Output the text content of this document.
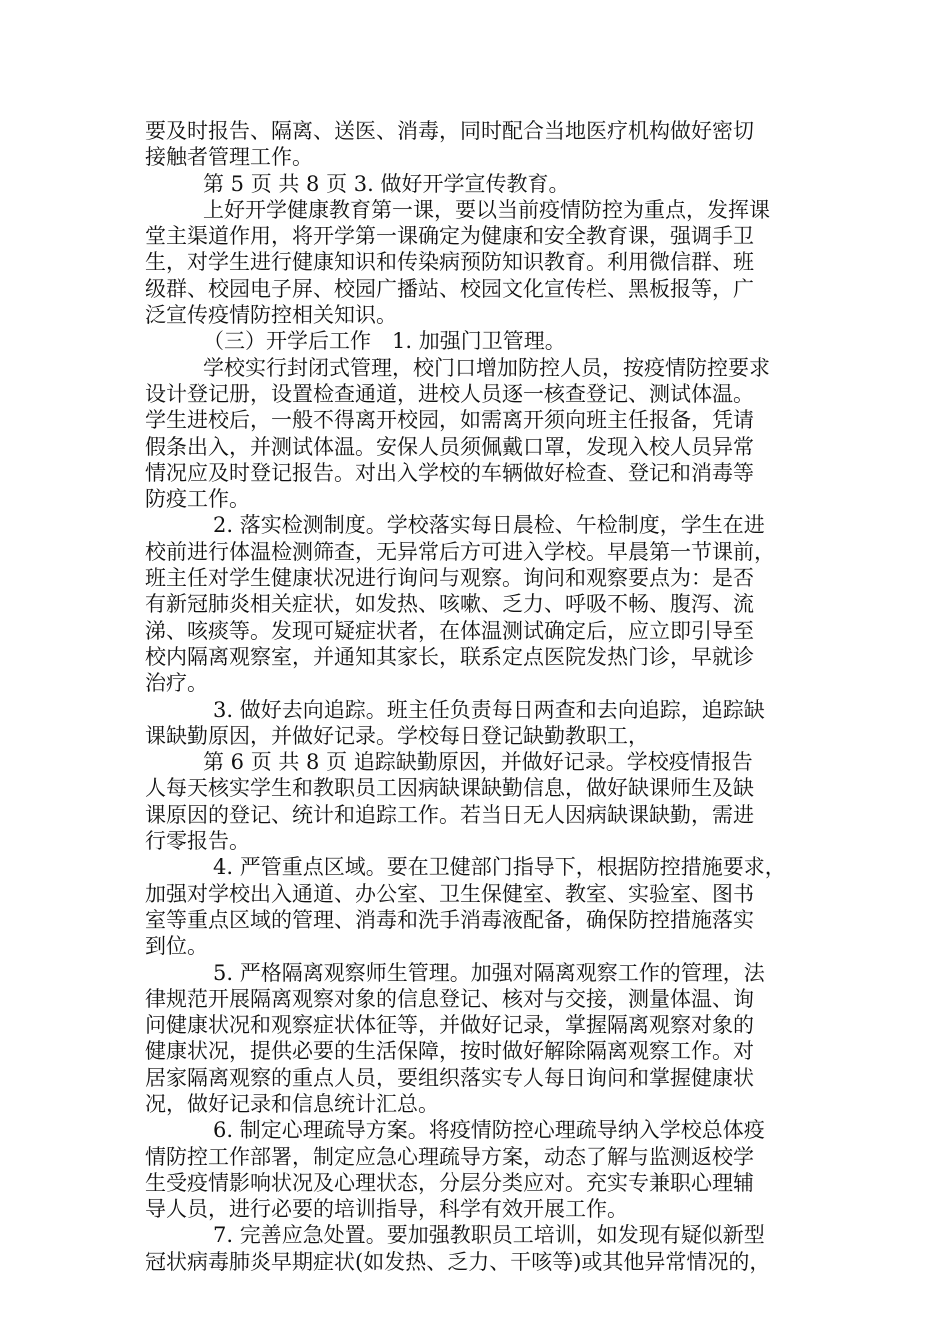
要及时报告、隔离、送医、消毒，同时配合当地医疗机构做好密切
接触者管理工作。
第 5 页 共 8 页 3. 做好开学宣传教育。
上好开学健康教育第一课，要以当前疫情防控为重点，发挥课
堂主渠道作用，将开学第一课确定为健康和安全教育课，强调手卫
生，对学生进行健康知识和传染病预防知识教育。利用微信群、班
级群、校园电子屏、校园广播站、校园文化宣传栏、黑板报等，广
泛宣传疫情防控相关知识。
（三）开学后工作　1. 加强门卫管理。
学校实行封闭式管理，校门口增加防控人员，按疫情防控要求
设计登记册，设置检查通道，进校人员逐一核查登记、测试体温。
学生进校后，一般不得离开校园，如需离开须向班主任报备，凭请
假条出入，并测试体温。安保人员须佩戴口罩，发现入校人员异常
情况应及时登记报告。对出入学校的车辆做好检查、登记和消毒等
防疫工作。
2. 落实检测制度。学校落实每日晨检、午检制度，学生在进
校前进行体温检测筛查，无异常后方可进入学校。早晨第一节课前，
班主任对学生健康状况进行询问与观察。询问和观察要点为：是否
有新冠肺炎相关症状，如发热、咳嗽、乏力、呼吸不畅、腹泻、流
涕、咳痰等。发现可疑症状者，在体温测试确定后，应立即引导至
校内隔离观察室，并通知其家长，联系定点医院发热门诊，早就诊
治疗。
3. 做好去向追踪。班主任负责每日两查和去向追踪，追踪缺
课缺勤原因，并做好记录。学校每日登记缺勤教职工，
第 6 页 共 8 页 追踪缺勤原因，并做好记录。学校疫情报告
人每天核实学生和教职员工因病缺课缺勤信息，做好缺课师生及缺
课原因的登记、统计和追踪工作。若当日无人因病缺课缺勤，需进
行零报告。
4. 严管重点区域。要在卫健部门指导下，根据防控措施要求，
加强对学校出入通道、办公室、卫生保健室、教室、实验室、图书
室等重点区域的管理、消毒和洗手消毒液配备，确保防控措施落实
到位。
5. 严格隔离观察师生管理。加强对隔离观察工作的管理，法
律规范开展隔离观察对象的信息登记、核对与交接，测量体温、询
问健康状况和观察症状体征等，并做好记录，掌握隔离观察对象的
健康状况，提供必要的生活保障，按时做好解除隔离观察工作。对
居家隔离观察的重点人员，要组织落实专人每日询问和掌握健康状
况，做好记录和信息统计汇总。
6. 制定心理疏导方案。将疫情防控心理疏导纳入学校总体疫
情防控工作部署，制定应急心理疏导方案，动态了解与监测返校学
生受疫情影响状况及心理状态，分层分类应对。充实专兼职心理辅
导人员，进行必要的培训指导，科学有效开展工作。
7. 完善应急处置。要加强教职员工培训，如发现有疑似新型
冠状病毒肺炎早期症状(如发热、乏力、干咳等)或其他异常情况的，
